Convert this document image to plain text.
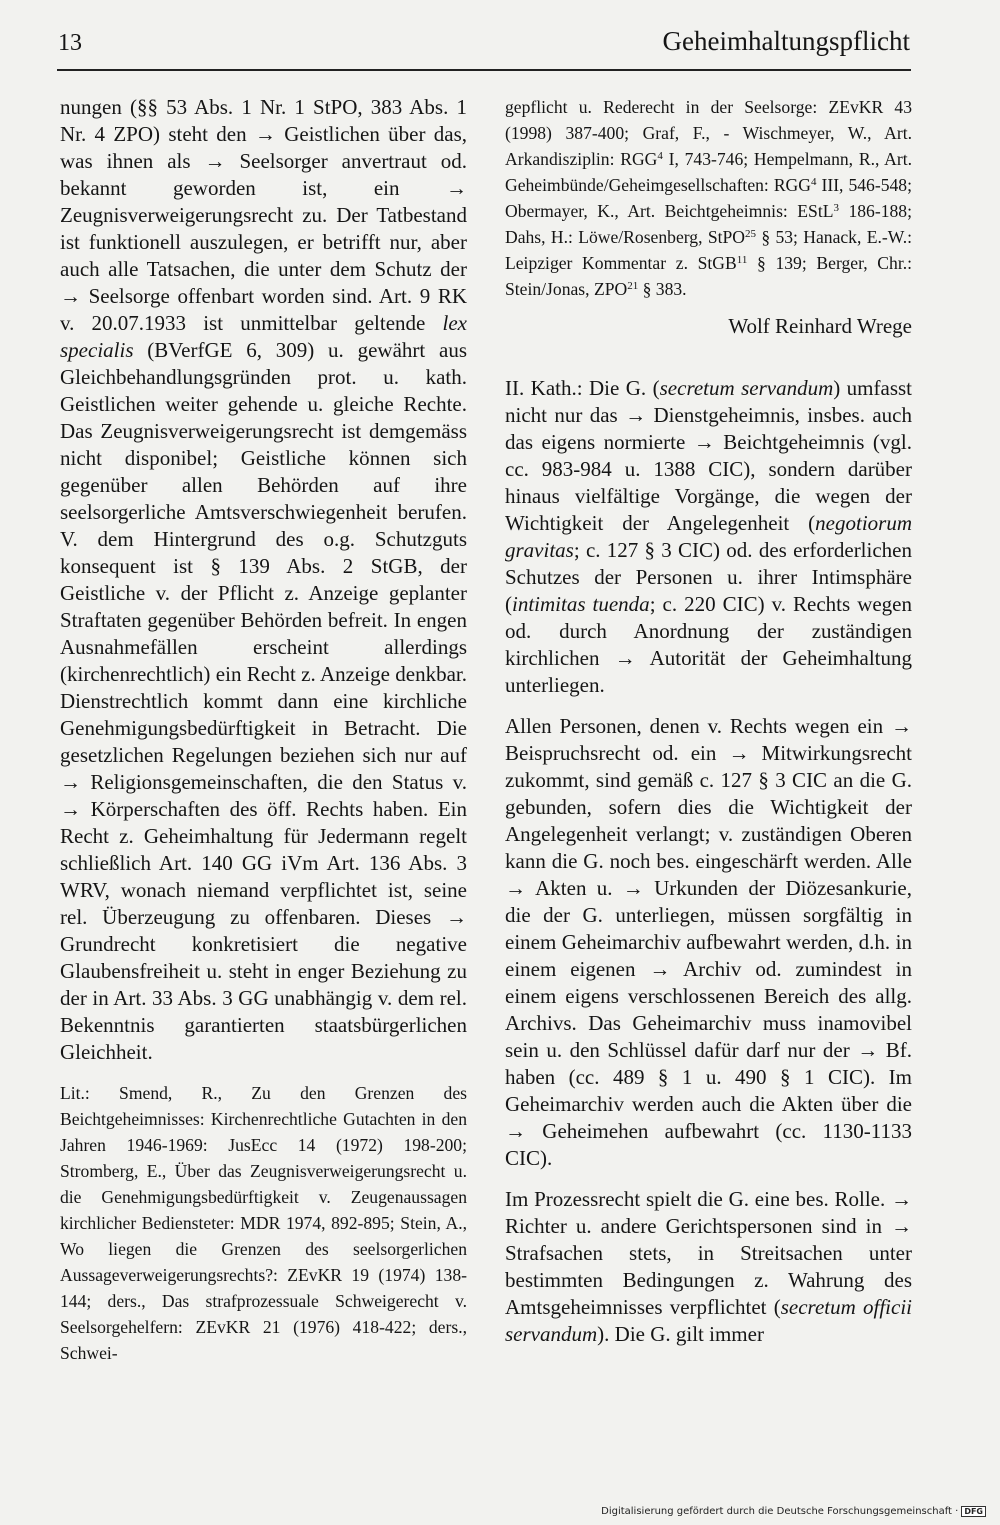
13	Geheimhaltungspflicht

nungen (§§ 53 Abs. 1 Nr. 1 StPO, 383 Abs. 1 Nr. 4 ZPO) steht den → Geistlichen über das, was ihnen als → Seelsorger anvertraut od. bekannt geworden ist, ein → Zeugnisverweigerungsrecht zu. Der Tatbestand ist funktionell auszulegen, er betrifft nur, aber auch alle Tatsachen, die unter dem Schutz der → Seelsorge offenbart worden sind. Art. 9 RK v. 20.07.1933 ist unmittelbar geltende lex specialis (BVerfGE 6, 309) u. gewährt aus Gleichbehandlungsgründen prot. u. kath. Geistlichen weiter gehende u. gleiche Rechte. Das Zeugnisverweigerungsrecht ist demgemäss nicht disponibel; Geistliche können sich gegenüber allen Behörden auf ihre seelsorgerliche Amtsverschwiegenheit berufen. V. dem Hintergrund des o.g. Schutzguts konsequent ist § 139 Abs. 2 StGB, der Geistliche v. der Pflicht z. Anzeige geplanter Straftaten gegenüber Behörden befreit. In engen Ausnahmefällen erscheint allerdings (kirchenrechtlich) ein Recht z. Anzeige denkbar. Dienstrechtlich kommt dann eine kirchliche Genehmigungsbedürftigkeit in Betracht. Die gesetzlichen Regelungen beziehen sich nur auf → Religionsgemeinschaften, die den Status v. → Körperschaften des öff. Rechts haben. Ein Recht z. Geheimhaltung für Jedermann regelt schließlich Art. 140 GG iVm Art. 136 Abs. 3 WRV, wonach niemand verpflichtet ist, seine rel. Überzeugung zu offenbaren. Dieses → Grundrecht konkretisiert die negative Glaubensfreiheit u. steht in enger Beziehung zu der in Art. 33 Abs. 3 GG unabhängig v. dem rel. Bekenntnis garantierten staatsbürgerlichen Gleichheit.

Lit.: Smend, R., Zu den Grenzen des Beichtgeheimnisses: Kirchenrechtliche Gutachten in den Jahren 1946-1969: JusEcc 14 (1972) 198-200; Stromberg, E., Über das Zeugnisverweigerungsrecht u. die Genehmigungsbedürftigkeit v. Zeugenaussagen kirchlicher Bediensteter: MDR 1974, 892-895; Stein, A., Wo liegen die Grenzen des seelsorgerlichen Aussageverweigerungsrechts?: ZEvKR 19 (1974) 138-144; ders., Das strafprozessuale Schweigerecht v. Seelsorgehelfern: ZEvKR 21 (1976) 418-422; ders., Schwei-

gepflicht u. Rederecht in der Seelsorge: ZEvKR 43 (1998) 387-400; Graf, F., - Wischmeyer, W., Art. Arkandisziplin: RGG$^4$ I, 743-746; Hempelmann, R., Art. Geheimbünde/Geheimgesellschaften: RGG$^4$ III, 546-548; Obermayer, K., Art. Beichtgeheimnis: EStL$^3$ 186-188; Dahs, H.: Löwe/Rosenberg, StPO$^{25}$ § 53; Hanack, E.-W.: Leipziger Kommentar z. StGB$^{11}$ § 139; Berger, Chr.: Stein/Jonas, ZPO$^{21}$ § 383.

Wolf Reinhard Wrege

II. Kath.: Die G. (secretum servandum) umfasst nicht nur das → Dienstgeheimnis, insbes. auch das eigens normierte → Beichtgeheimnis (vgl. cc. 983-984 u. 1388 CIC), sondern darüber hinaus vielfältige Vorgänge, die wegen der Wichtigkeit der Angelegenheit (negotiorum gravitas; c. 127 § 3 CIC) od. des erforderlichen Schutzes der Personen u. ihrer Intimsphäre (intimitas tuenda; c. 220 CIC) v. Rechts wegen od. durch Anordnung der zuständigen kirchlichen → Autorität der Geheimhaltung unterliegen.

Allen Personen, denen v. Rechts wegen ein → Beispruchsrecht od. ein → Mitwirkungsrecht zukommt, sind gemäß c. 127 § 3 CIC an die G. gebunden, sofern dies die Wichtigkeit der Angelegenheit verlangt; v. zuständigen Oberen kann die G. noch bes. eingeschärft werden. Alle → Akten u. → Urkunden der Diözesankurie, die der G. unterliegen, müssen sorgfältig in einem Geheimarchiv aufbewahrt werden, d.h. in einem eigenen → Archiv od. zumindest in einem eigens verschlossenen Bereich des allg. Archivs. Das Geheimarchiv muss inamovibel sein u. den Schlüssel dafür darf nur der → Bf. haben (cc. 489 § 1 u. 490 § 1 CIC). Im Geheimarchiv werden auch die Akten über die → Geheimehen aufbewahrt (cc. 1130-1133 CIC).

Im Prozessrecht spielt die G. eine bes. Rolle. → Richter u. andere Gerichtspersonen sind in → Strafsachen stets, in Streitsachen unter bestimmten Bedingungen z. Wahrung des Amtsgeheimnisses verpflichtet (secretum officii servandum). Die G. gilt immer

Digitalisierung gefördert durch die Deutsche Forschungsgemeinschaft · DFG
